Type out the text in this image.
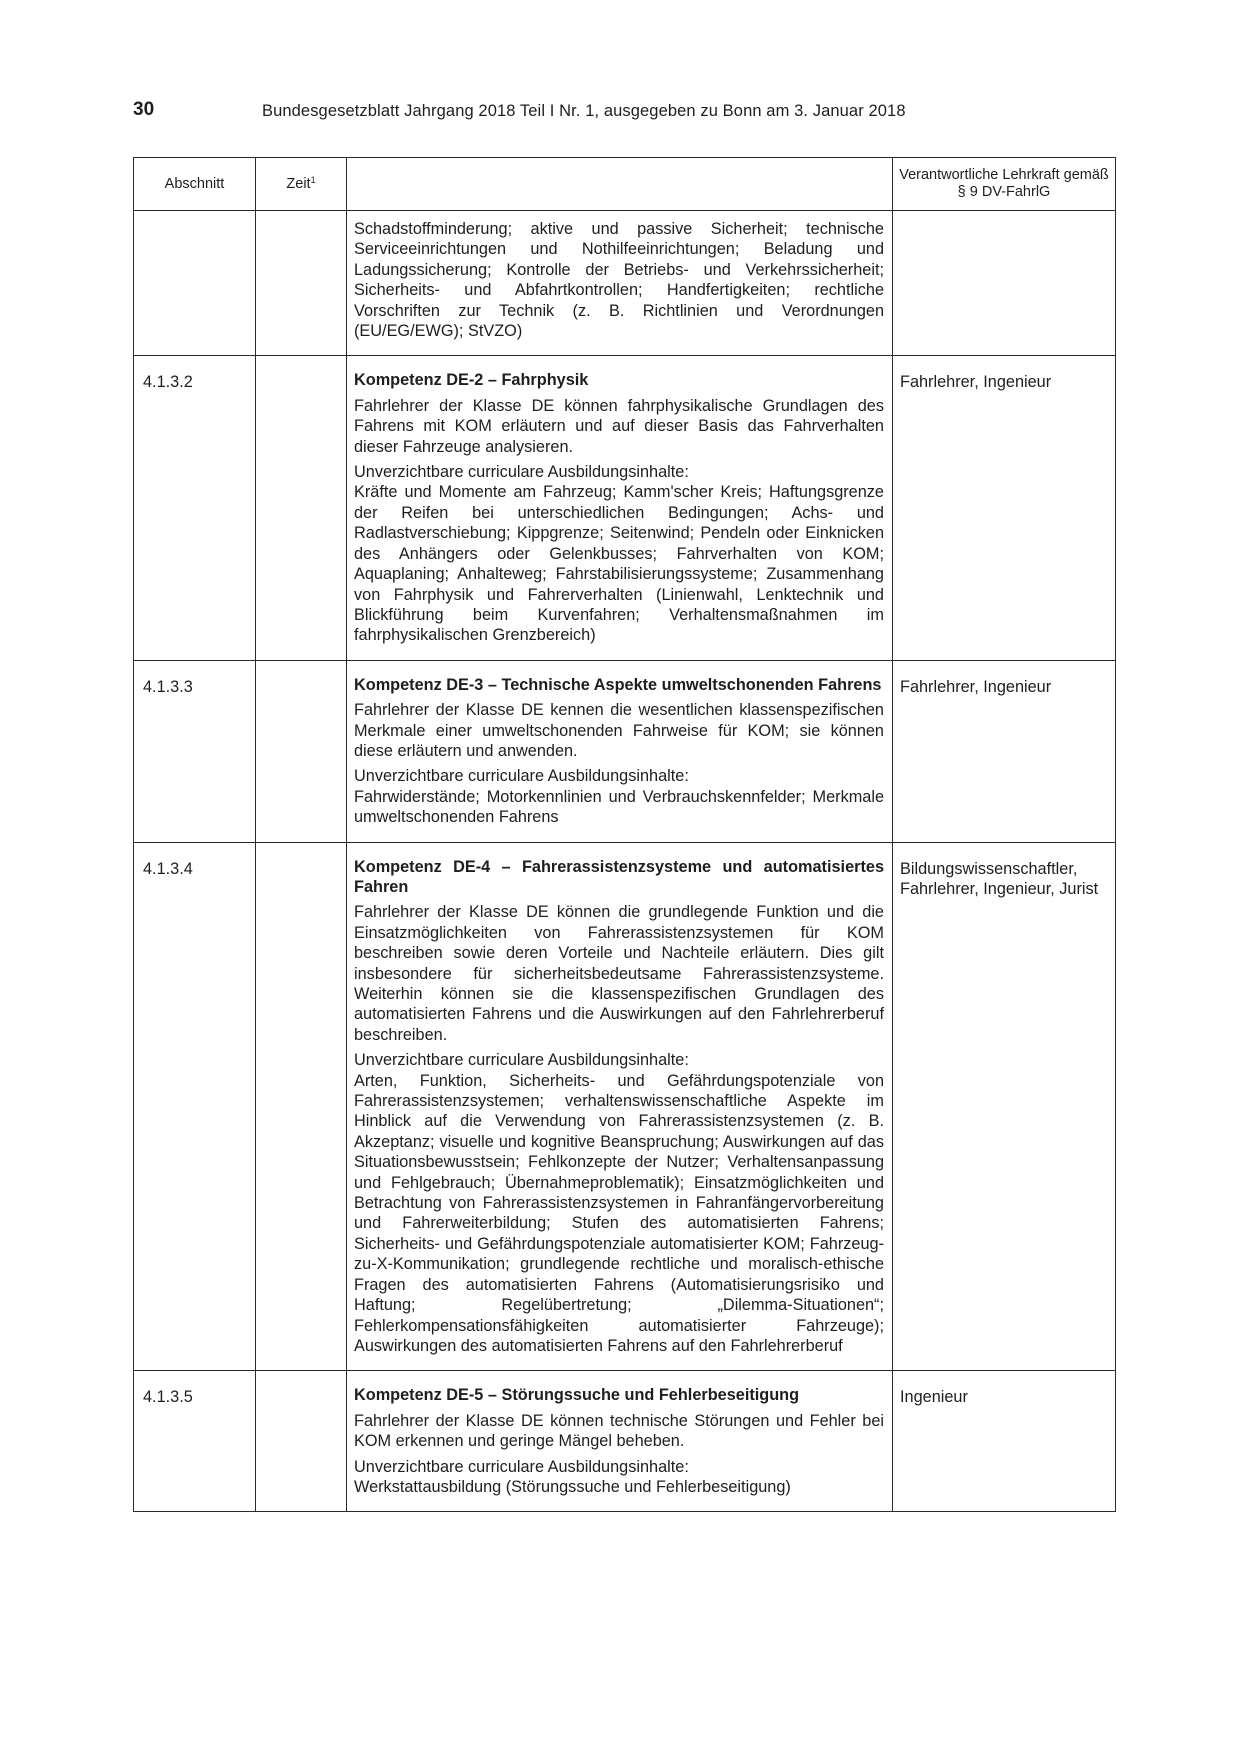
30	Bundesgesetzblatt Jahrgang 2018 Teil I Nr. 1, ausgegeben zu Bonn am 3. Januar 2018
Abschnitt	Zeit$^1$		Verantwortliche Lehrkraft gemäß § 9 DV-FahrlG

		Schadstoffminderung; aktive und passive Sicherheit; technische Serviceeinrichtungen und Nothilfeeinrichtungen; Beladung und Ladungssicherung; Kontrolle der Betriebs- und Verkehrssicherheit; Sicherheits- und Abfahrtkontrollen; Handfertigkeiten; rechtliche Vorschriften zur Technik (z. B. Richtlinien und Verordnungen (EU/EG/EWG); StVZO)	

4.1.3.2		Kompetenz DE-2 – Fahrphysik
Fahrlehrer der Klasse DE können fahrphysikalische Grundlagen des Fahrens mit KOM erläutern und auf dieser Basis das Fahrverhalten dieser Fahrzeuge analysieren.
Unverzichtbare curriculare Ausbildungsinhalte:
Kräfte und Momente am Fahrzeug; Kamm'scher Kreis; Haftungsgrenze der Reifen bei unterschiedlichen Bedingungen; Achs- und Radlastverschiebung; Kippgrenze; Seitenwind; Pendeln oder Einknicken des Anhängers oder Gelenkbusses; Fahrverhalten von KOM; Aquaplaning; Anhalteweg; Fahrstabilisierungssysteme; Zusammenhang von Fahrphysik und Fahrerverhalten (Linienwahl, Lenktechnik und Blickführung beim Kurvenfahren; Verhaltensmaßnahmen im fahrphysikalischen Grenzbereich)	Fahrlehrer, Ingenieur
4.1.3.3		Kompetenz DE-3 – Technische Aspekte umweltschonenden Fahrens
Fahrlehrer der Klasse DE kennen die wesentlichen klassenspezifischen Merkmale einer umweltschonenden Fahrweise für KOM; sie können diese erläutern und anwenden.
Unverzichtbare curriculare Ausbildungsinhalte:
Fahrwiderstände; Motorkennlinien und Verbrauchskennfelder; Merkmale umweltschonenden Fahrens	Fahrlehrer, Ingenieur
4.1.3.4		Kompetenz DE-4 – Fahrerassistenzsysteme und automatisiertes Fahren
Fahrlehrer der Klasse DE können die grundlegende Funktion und die Einsatzmöglichkeiten von Fahrerassistenzsystemen für KOM beschreiben sowie deren Vorteile und Nachteile erläutern. Dies gilt insbesondere für sicherheitsbedeutsame Fahrerassistenzsysteme. Weiterhin können sie die klassenspezifischen Grundlagen des automatisierten Fahrens und die Auswirkungen auf den Fahrlehrerberuf beschreiben.
Unverzichtbare curriculare Ausbildungsinhalte:
Arten, Funktion, Sicherheits- und Gefährdungspotenziale von Fahrerassistenzsystemen; verhaltenswissenschaftliche Aspekte im Hinblick auf die Verwendung von Fahrerassistenzsystemen (z. B. Akzeptanz; visuelle und kognitive Beanspruchung; Auswirkungen auf das Situationsbewusstsein; Fehlkonzepte der Nutzer; Verhaltensanpassung und Fehlgebrauch; Übernahmeproblematik); Einsatzmöglichkeiten und Betrachtung von Fahrerassistenzsystemen in Fahranfängervorbereitung und Fahrerweiterbildung; Stufen des automatisierten Fahrens; Sicherheits- und Gefährdungspotenziale automatisierter KOM; Fahrzeug-zu-X-Kommunikation; grundlegende rechtliche und moralisch-ethische Fragen des automatisierten Fahrens (Automatisierungsrisiko und Haftung; Regelübertretung; „Dilemma-Situationen“; Fehlerkompensationsfähigkeiten automatisierter Fahrzeuge); Auswirkungen des automatisierten Fahrens auf den Fahrlehrerberuf	Bildungswissenschaftler, Fahrlehrer, Ingenieur, Jurist
4.1.3.5		Kompetenz DE-5 – Störungssuche und Fehlerbeseitigung
Fahrlehrer der Klasse DE können technische Störungen und Fehler bei KOM erkennen und geringe Mängel beheben.
Unverzichtbare curriculare Ausbildungsinhalte:
Werkstattausbildung (Störungssuche und Fehlerbeseitigung)	Ingenieur
